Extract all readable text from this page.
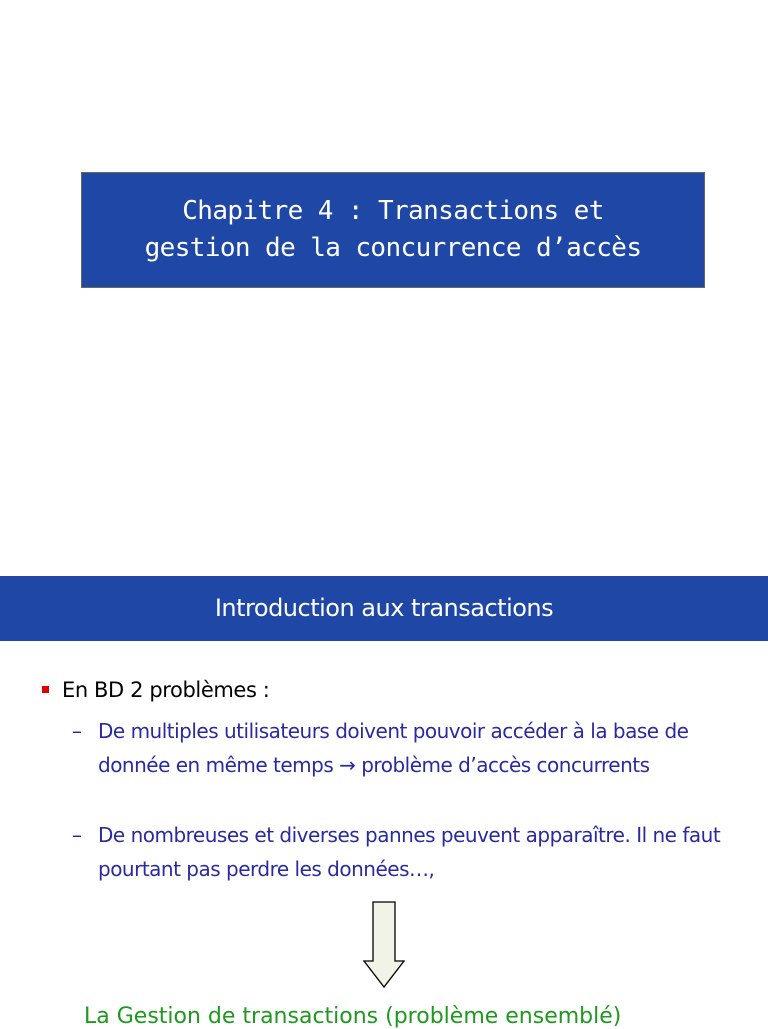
Chapitre 4 : Transactions et
gestion de la concurrence d’accès
Introduction aux transactions
En BD 2 problèmes :
– De multiples utilisateurs doivent pouvoir accéder à la base de donnée en même temps → problème d’accès concurrents
– De nombreuses et diverses pannes peuvent apparaître. Il ne faut pourtant pas perdre les données…,
La Gestion de transactions (problème ensemblé)
